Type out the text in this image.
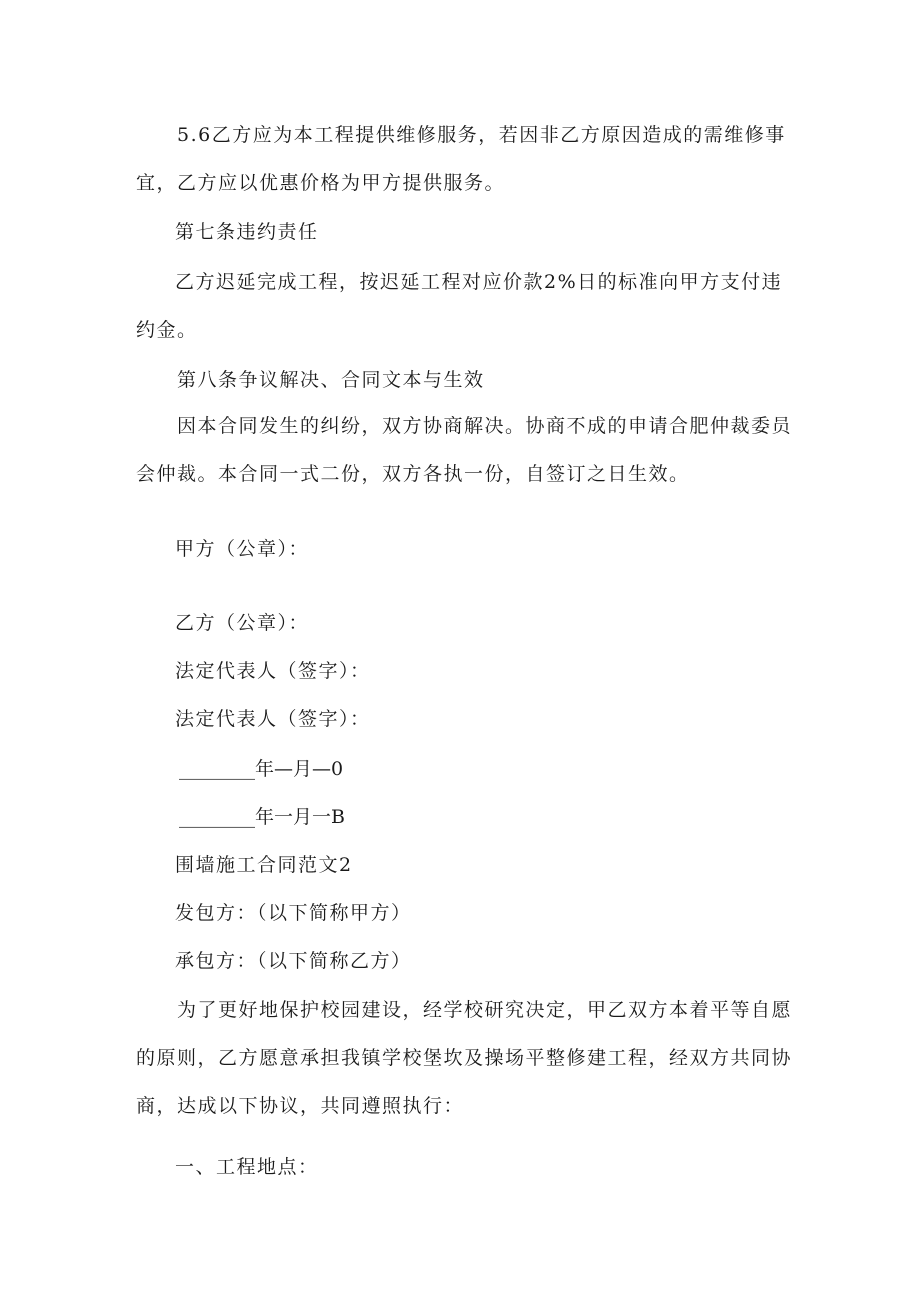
5.6乙方应为本工程提供维修服务，若因非乙方原因造成的需维修事
宜，乙方应以优惠价格为甲方提供服务。
第七条违约责任
乙方迟延完成工程，按迟延工程对应价款2%日的标准向甲方支付违
约金。
第八条争议解决、合同文本与生效
因本合同发生的纠纷，双方协商解决。协商不成的申请合肥仲裁委员
会仲裁。本合同一式二份，双方各执一份，自签订之日生效。
甲方（公章）：
乙方（公章）：
法定代表人（签字）：
法定代表人（签字）：
________年—月—0
________年一月一B
围墙施工合同范文2
发包方：（以下简称甲方）
承包方：（以下简称乙方）
为了更好地保护校园建设，经学校研究决定，甲乙双方本着平等自愿
的原则，乙方愿意承担我镇学校堡坎及操场平整修建工程，经双方共同协
商，达成以下协议，共同遵照执行：
一、工程地点：
